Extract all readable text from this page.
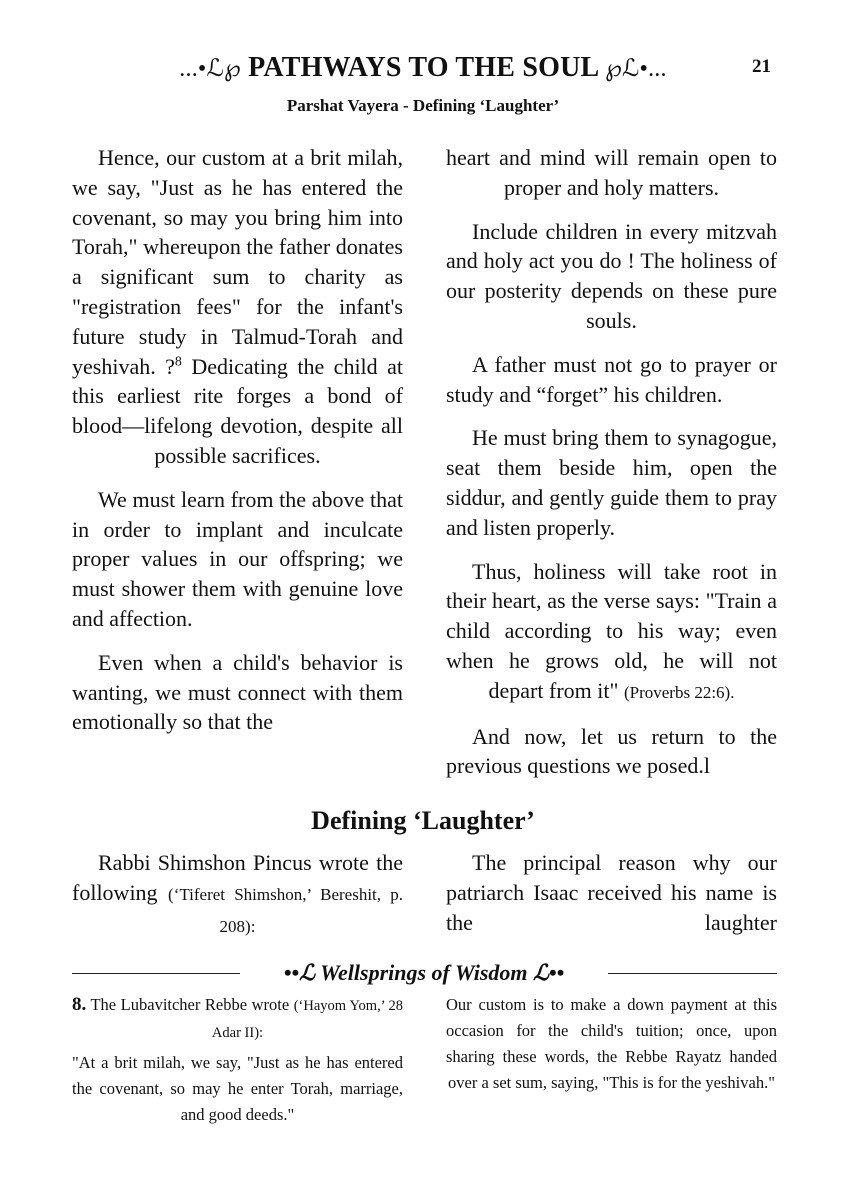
...•ℒ℘ PATHWAYS TO THE SOUL ℘ℒ•...	21
Parshat Vayera - Defining ‘Laughter’

Hence, our custom at a brit milah, we say, "Just as he has entered the covenant, so may you bring him into Torah," whereupon the father donates a significant sum to charity as "registration fees" for the infant's future study in Talmud-Torah and yeshivah. ?$^8$ Dedicating the child at this earliest rite forges a bond of blood—lifelong devotion, despite all possible sacrifices.

We must learn from the above that in order to implant and inculcate proper values in our offspring; we must shower them with genuine love and affection.

Even when a child's behavior is wanting, we must connect with them emotionally so that the

heart and mind will remain open to proper and holy matters.

Include children in every mitzvah and holy act you do ! The holiness of our posterity depends on these pure souls.

A father must not go to prayer or study and “forget” his children.

He must bring them to synagogue, seat them beside him, open the siddur, and gently guide them to pray and listen properly.

Thus, holiness will take root in their heart, as the verse says: "Train a child according to his way; even when he grows old, he will not depart from it" (Proverbs 22:6).

And now, let us return to the previous questions we posed.l

Defining ‘Laughter’

Rabbi Shimshon Pincus wrote the following (‘Tiferet Shimshon,’ Bereshit, p. 208):

The principal reason why our patriarch Isaac received his name is the laughter

••ℒ Wellsprings of Wisdom ℒ••

8. The Lubavitcher Rebbe wrote (‘Hayom Yom,’ 28 Adar II):

"At a brit milah, we say, "Just as he has entered the covenant, so may he enter Torah, marriage, and good deeds."

Our custom is to make a down payment at this occasion for the child's tuition; once, upon sharing these words, the Rebbe Rayatz handed over a set sum, saying, "This is for the yeshivah."
